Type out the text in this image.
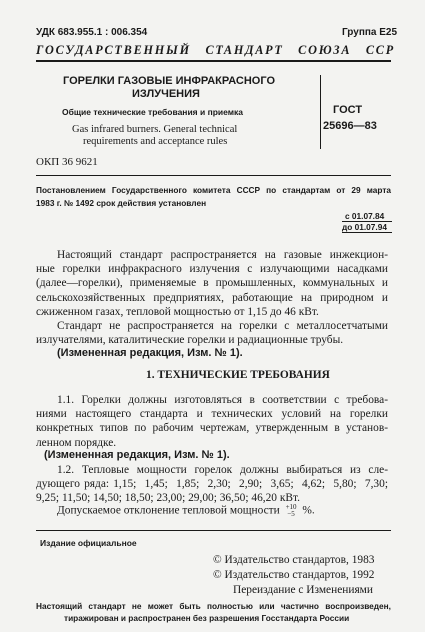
УДК 683.955.1 : 006.354	Группа Е25
ГОСУДАРСТВЕННЫЙ   СТАНДАРТ   СОЮЗА   ССР
ГОРЕЛКИ ГАЗОВЫЕ ИНФРАКРАСНОГО
ИЗЛУЧЕНИЯ
Общие технические требования и приемка
Gas infrared burners. General technical
requirements and acceptance rules
ГОСТ
25696—83
ОКП 36 9621
Постановлением Государственного комитета СССР по стандартам от 29 марта
1983 г. № 1492 срок действия установлен
с 01.07.84
до 01.07.94
Настоящий стандарт распространяется на газовые инжекцион-
ные горелки инфракрасного излучения с излучающими насадками
(далее—горелки), применяемые в промышленных, коммунальных и
сельскохозяйственных предприятиях, работающие на природном и
сжиженном газах, тепловой мощностью от 1,15 до 46 кВт.
Стандарт не распространяется на горелки с металлосетчатыми
излучателями, каталитические горелки и радиационные трубы.
(Измененная редакция, Изм. № 1).
1. ТЕХНИЧЕСКИЕ ТРЕБОВАНИЯ
1.1. Горелки должны изготовляться в соответствии с требова-
ниями настоящего стандарта и технических условий на горелки
конкретных типов по рабочим чертежам, утвержденным в установ-
ленном порядке.
(Измененная редакция, Изм. № 1).
1.2. Тепловые мощности горелок должны выбираться из сле-
дующего ряда: 1,15;  1,45;  1,85;  2,30;  2,90;  3,65;  4,62;  5,80;  7,30;
9,25; 11,50; 14,50; 18,50; 23,00; 29,00; 36,50; 46,20 кВт.
Допускаемое отклонение тепловой мощности +10
−5 %.
Издание официальное
© Издательство стандартов, 1983
© Издательство стандартов, 1992
Переиздание с Изменениями
Настоящий стандарт не может быть полностью или частично воспроизведен,
тиражирован и распространен без разрешения Госстандарта России
